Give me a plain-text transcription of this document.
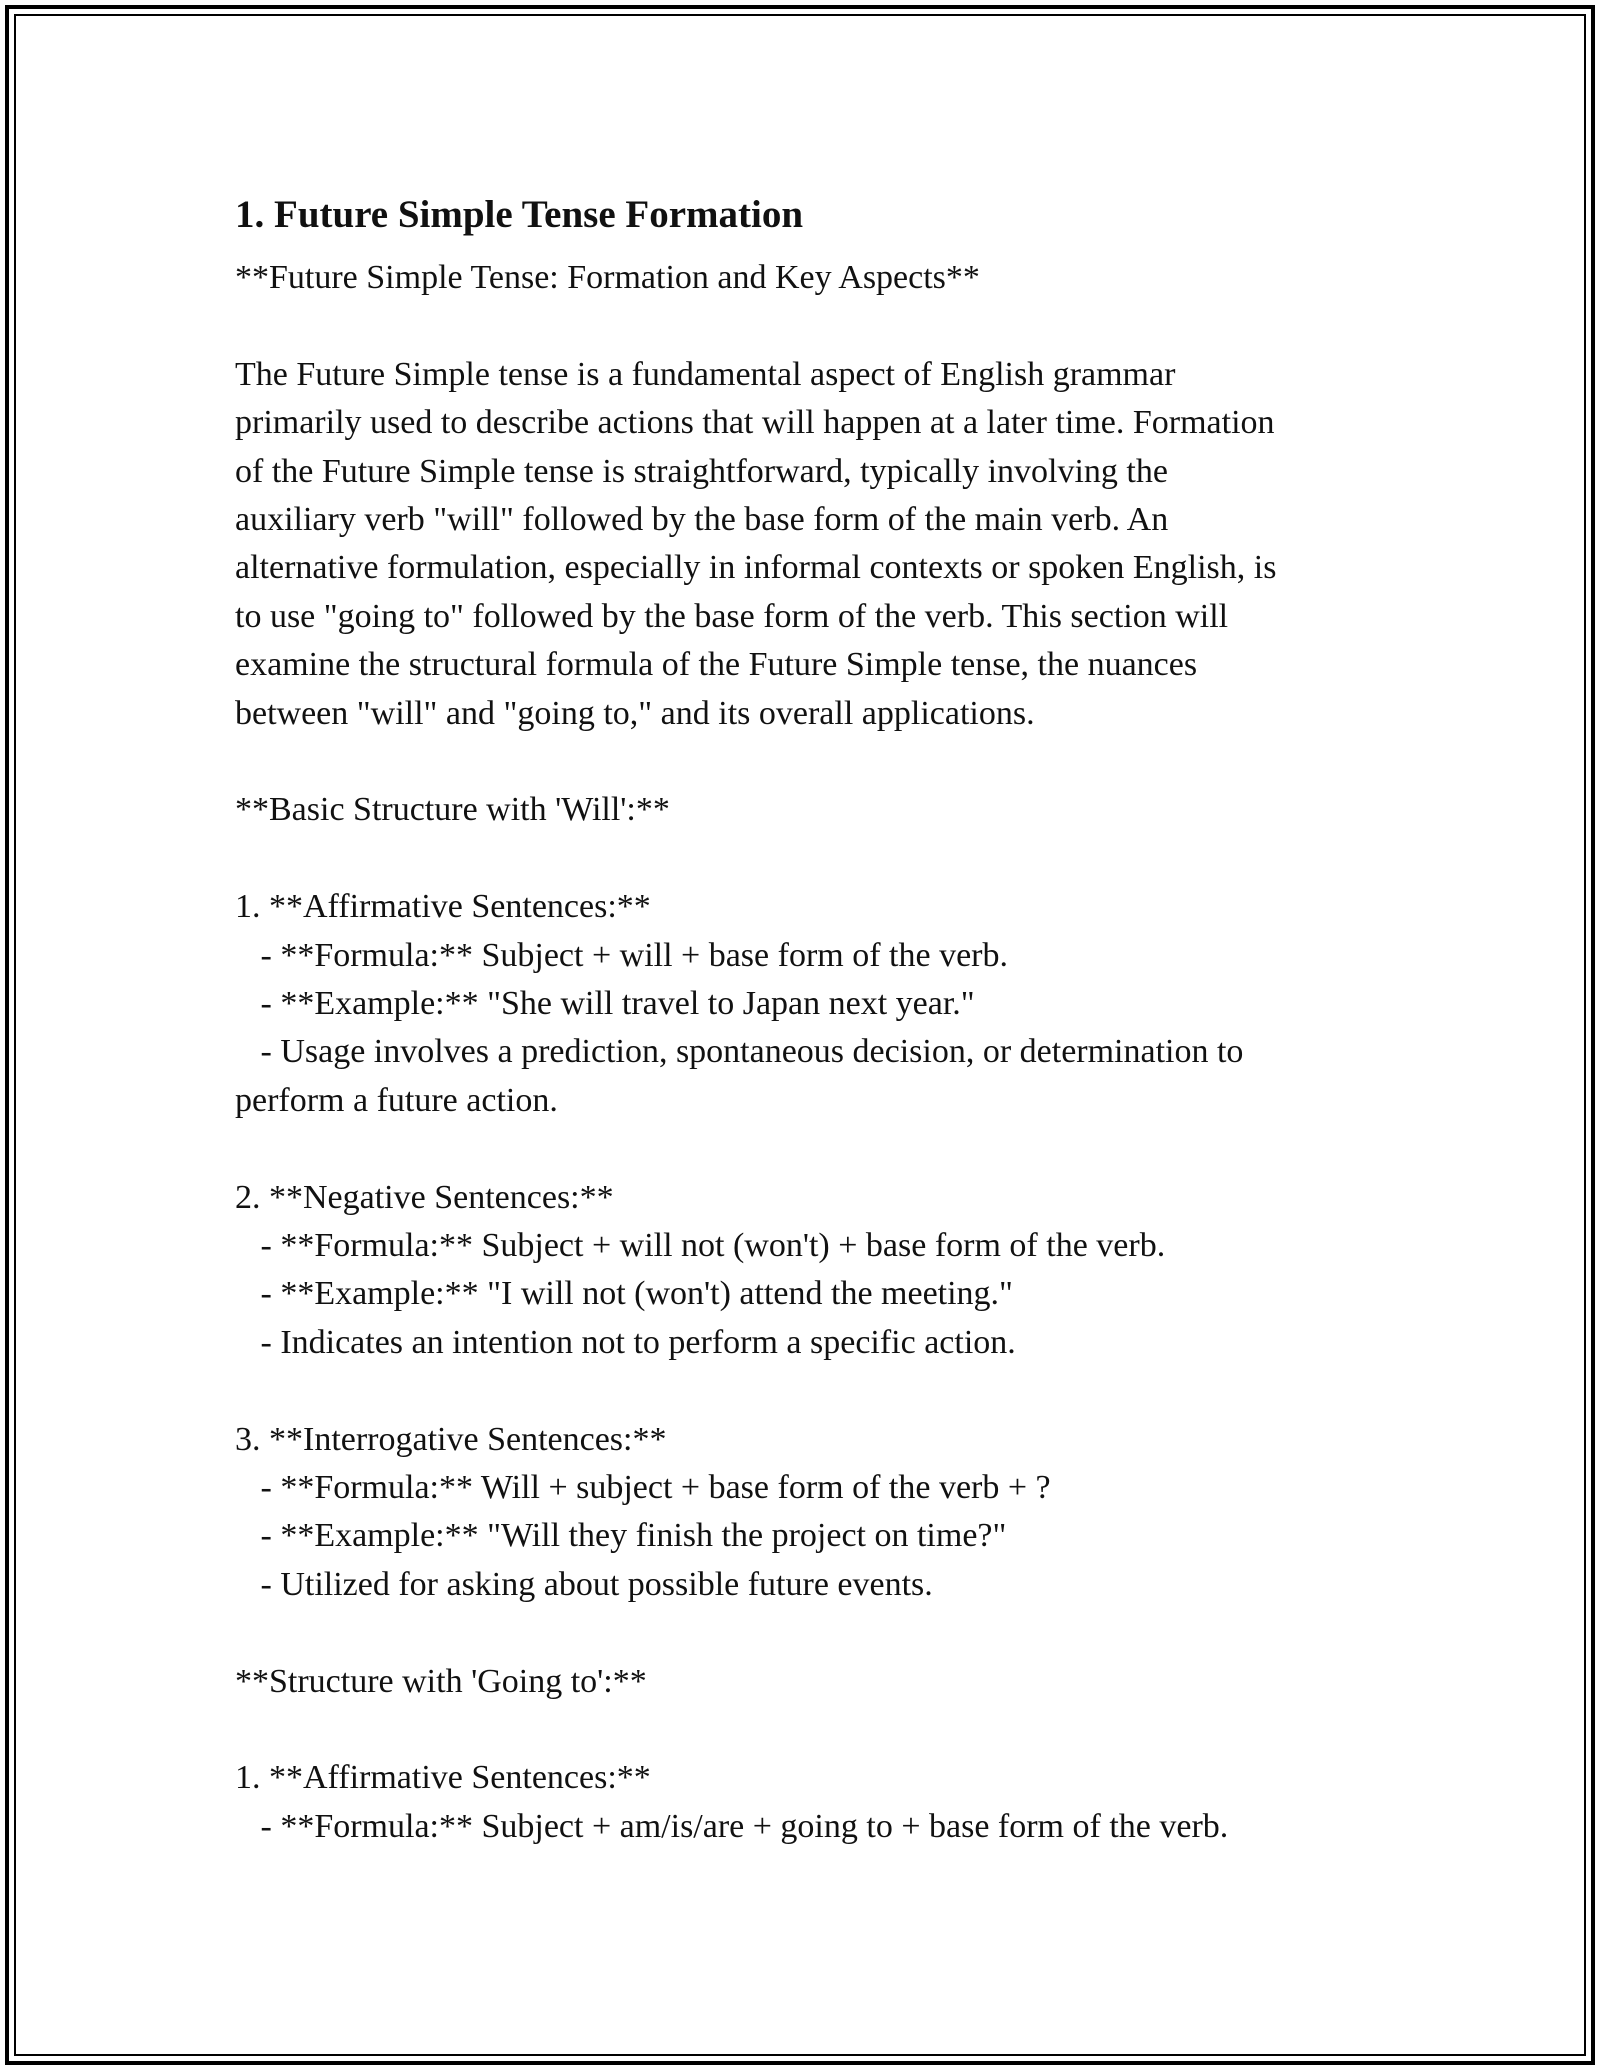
1. Future Simple Tense Formation
**Future Simple Tense: Formation and Key Aspects**
The Future Simple tense is a fundamental aspect of English grammar
primarily used to describe actions that will happen at a later time. Formation
of the Future Simple tense is straightforward, typically involving the
auxiliary verb "will" followed by the base form of the main verb. An
alternative formulation, especially in informal contexts or spoken English, is
to use "going to" followed by the base form of the verb. This section will
examine the structural formula of the Future Simple tense, the nuances
between "will" and "going to," and its overall applications.
**Basic Structure with 'Will':**
1. **Affirmative Sentences:**
- **Formula:** Subject + will + base form of the verb.
- **Example:** "She will travel to Japan next year."
- Usage involves a prediction, spontaneous decision, or determination to
perform a future action.
2. **Negative Sentences:**
- **Formula:** Subject + will not (won't) + base form of the verb.
- **Example:** "I will not (won't) attend the meeting."
- Indicates an intention not to perform a specific action.
3. **Interrogative Sentences:**
- **Formula:** Will + subject + base form of the verb + ?
- **Example:** "Will they finish the project on time?"
- Utilized for asking about possible future events.
**Structure with 'Going to':**
1. **Affirmative Sentences:**
- **Formula:** Subject + am/is/are + going to + base form of the verb.
